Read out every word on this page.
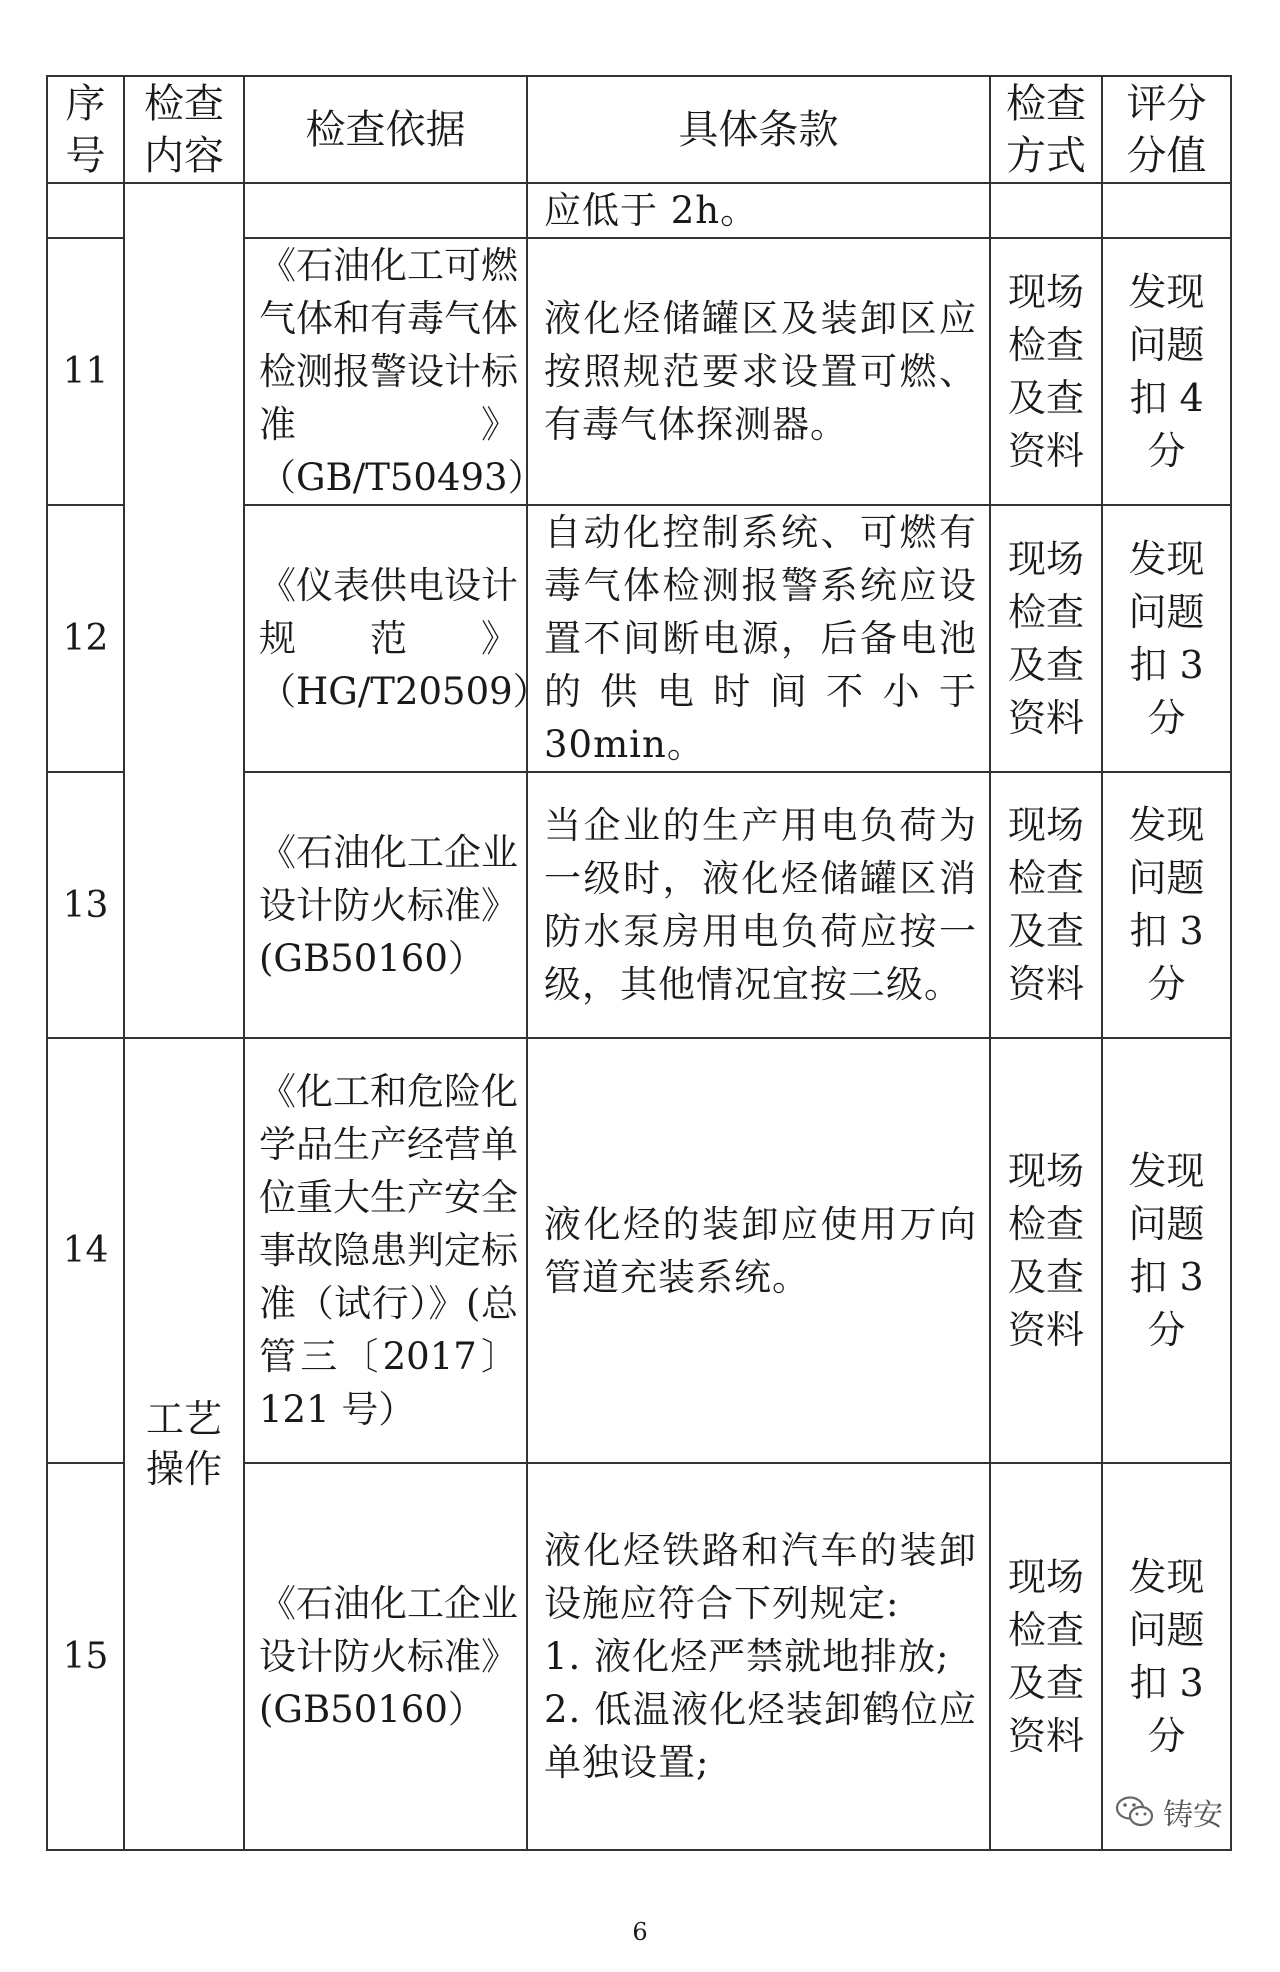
序号	检查内容	检查依据	具体条款	检查方式	评分分值

			应低于 2h。		
11		《石油化工可燃气体和有毒气体检测报警设计标准》（GB/T50493）	液化烃储罐区及装卸区应按照规范要求设置可燃、有毒气体探测器。	现场检查及查资料	发现问题扣 4 分

12		《仪表供电设计规范》（HG/T20509）	自动化控制系统、可燃有毒气体检测报警系统应设置不间断电源，后备电池的供电时间不小于 30min。	现场检查及查资料	发现问题扣 3 分

13		《石油化工企业设计防火标准》(GB50160）	当企业的生产用电负荷为一级时，液化烃储罐区消防水泵房用电负荷应按一级，其他情况宜按二级。	现场检查及查资料	发现问题扣 3 分

14	工艺操作	《化工和危险化学品生产经营单位重大生产安全事故隐患判定标准（试行）》(总管三〔2017〕121 号）	液化烃的装卸应使用万向管道充装系统。	现场检查及查资料	发现问题扣 3 分

15		《石油化工企业设计防火标准》(GB50160）	液化烃铁路和汽车的装卸设施应符合下列规定:
1. 液化烃严禁就地排放;
2. 低温液化烃装卸鹤位应单独设置;	现场检查及查资料	发现问题扣 3 分
铸安
6
